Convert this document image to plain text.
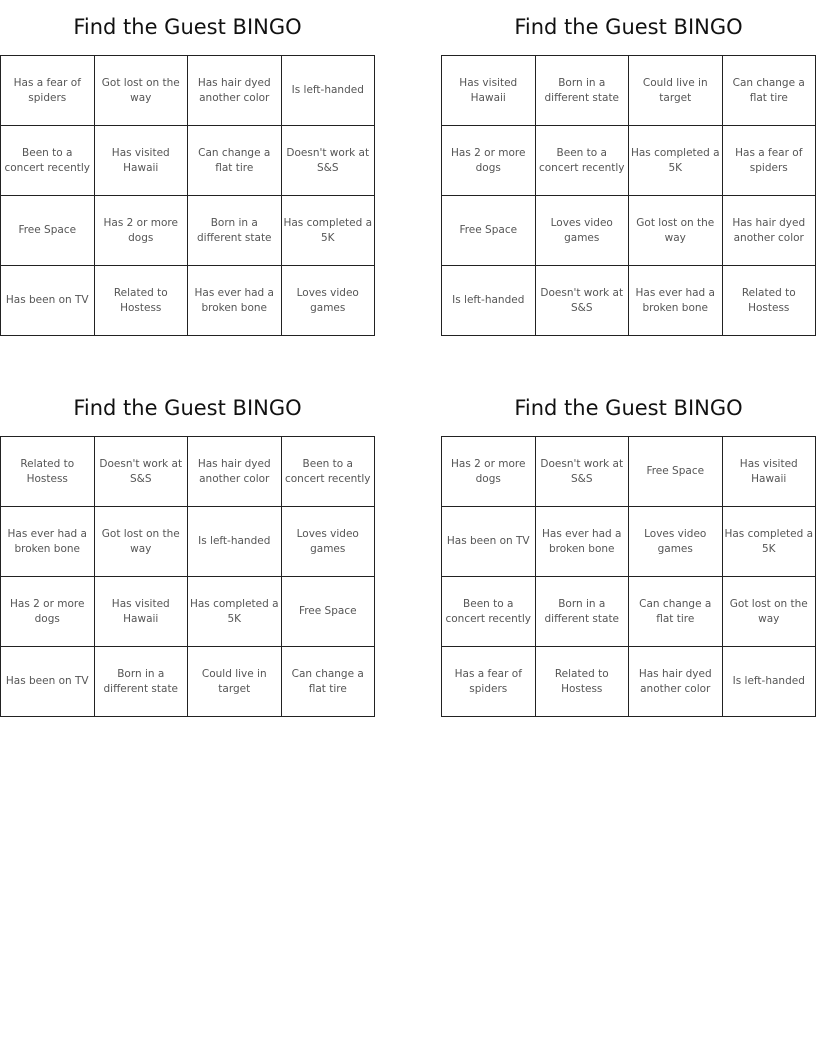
Find the Guest BINGO
Has a fear of spiders	Got lost on the way	Has hair dyed another color	Is left-handed
Been to a concert recently	Has visited Hawaii	Can change a flat tire	Doesn't work at S&S
Free Space	Has 2 or more dogs	Born in a different state	Has completed a 5K
Has been on TV	Related to Hostess	Has ever had a broken bone	Loves video games
Find the Guest BINGO
Has visited Hawaii	Born in a different state	Could live in target	Can change a flat tire
Has 2 or more dogs	Been to a concert recently	Has completed a 5K	Has a fear of spiders
Free Space	Loves video games	Got lost on the way	Has hair dyed another color
Is left-handed	Doesn't work at S&S	Has ever had a broken bone	Related to Hostess
Find the Guest BINGO
Related to Hostess	Doesn't work at S&S	Has hair dyed another color	Been to a concert recently
Has ever had a broken bone	Got lost on the way	Is left-handed	Loves video games
Has 2 or more dogs	Has visited Hawaii	Has completed a 5K	Free Space
Has been on TV	Born in a different state	Could live in target	Can change a flat tire
Find the Guest BINGO
Has 2 or more dogs	Doesn't work at S&S	Free Space	Has visited Hawaii
Has been on TV	Has ever had a broken bone	Loves video games	Has completed a 5K
Been to a concert recently	Born in a different state	Can change a flat tire	Got lost on the way
Has a fear of spiders	Related to Hostess	Has hair dyed another color	Is left-handed
